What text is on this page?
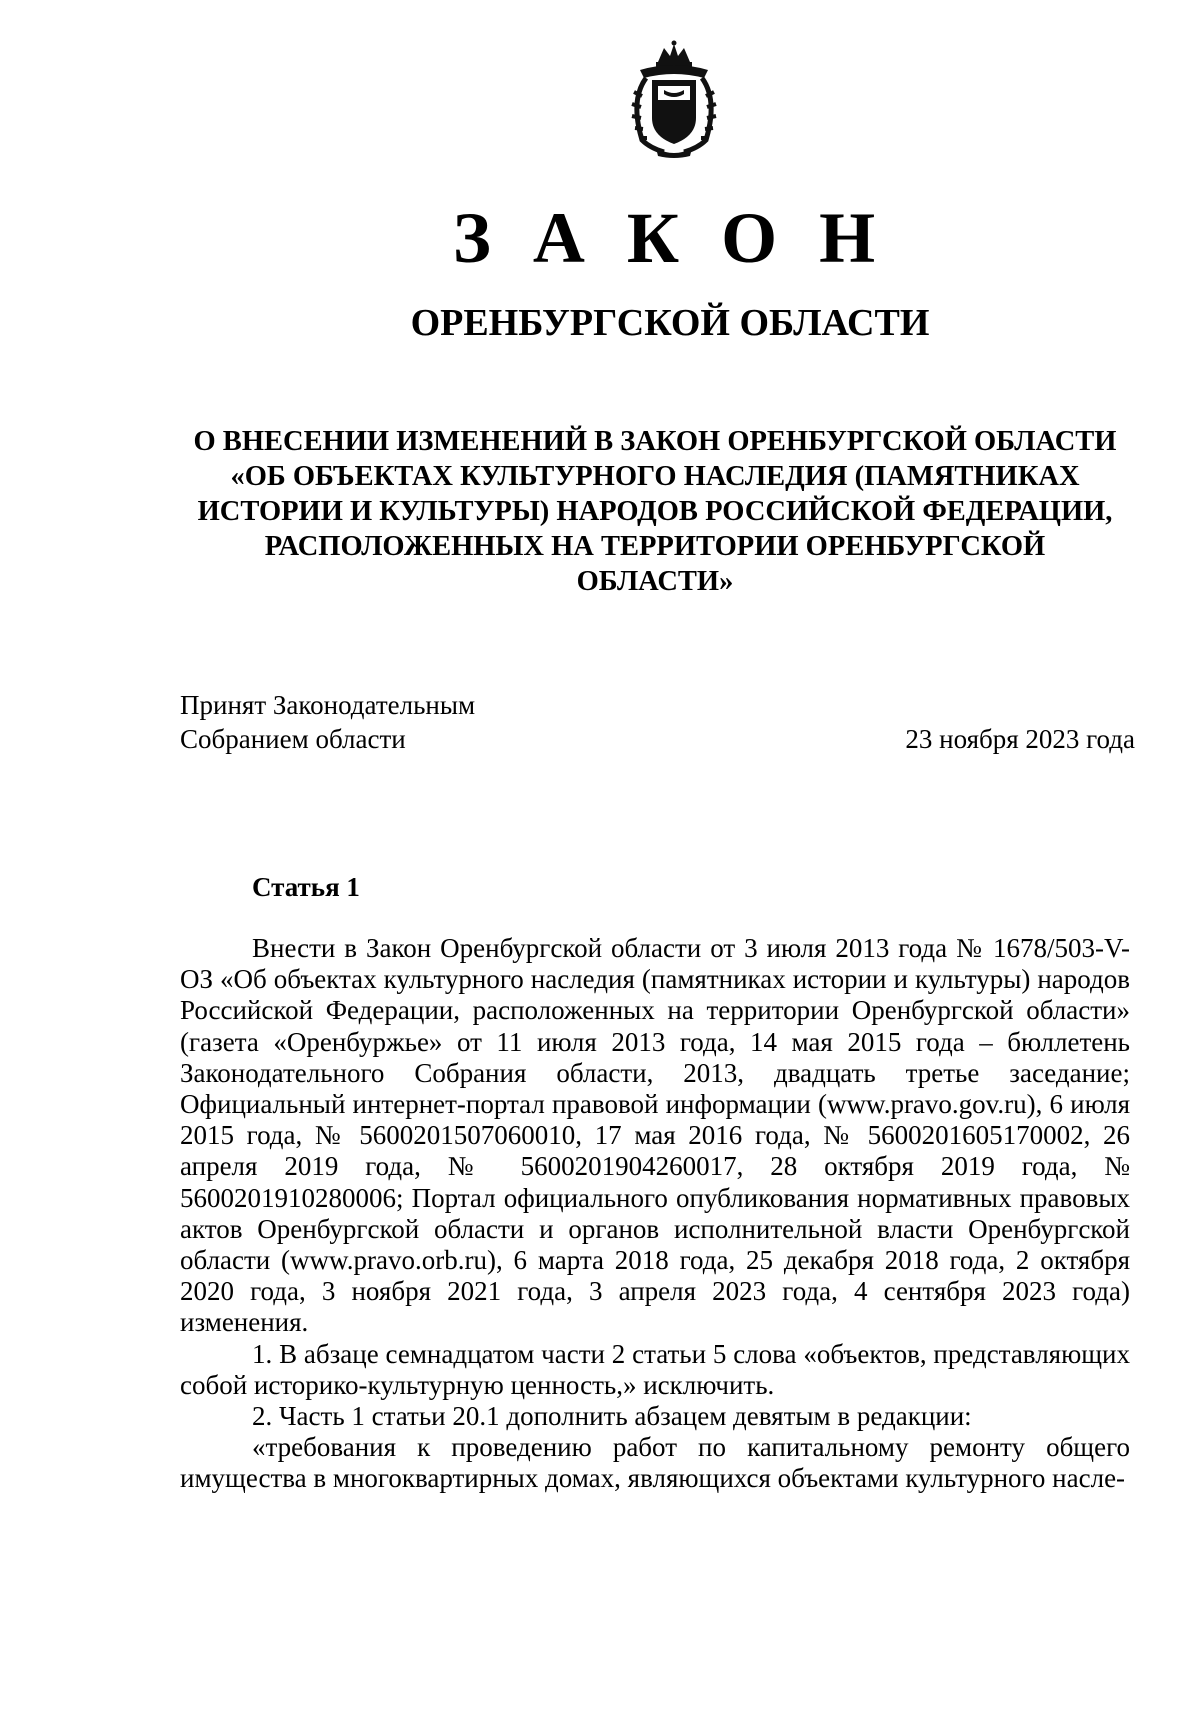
З А К О Н
ОРЕНБУРГСКОЙ ОБЛАСТИ
О ВНЕСЕНИИ ИЗМЕНЕНИЙ В ЗАКОН ОРЕНБУРГСКОЙ ОБЛАСТИ
«ОБ ОБЪЕКТАХ КУЛЬТУРНОГО НАСЛЕДИЯ (ПАМЯТНИКАХ
ИСТОРИИ И КУЛЬТУРЫ) НАРОДОВ РОССИЙСКОЙ ФЕДЕРАЦИИ,
РАСПОЛОЖЕННЫХ НА ТЕРРИТОРИИ ОРЕНБУРГСКОЙ
ОБЛАСТИ»
Принят Законодательным
Собранием области	23 ноября 2023 года
Статья 1

Внести в Закон Оренбургской области от 3 июля 2013 года № 1678/503-V-ОЗ «Об объектах культурного наследия (памятниках истории и культуры) народов Российской Федерации, расположенных на территории Оренбургской области» (газета «Оренбуржье» от 11 июля 2013 года, 14 мая 2015 года – бюллетень Законодательного Собрания области, 2013, двадцать третье заседание; Официальный интернет-портал правовой информации (www.pravo.gov.ru), 6 июля 2015 года, № 5600201507060010, 17 мая 2016 года, № 5600201605170002, 26 апреля 2019 года, № 5600201904260017, 28 октября 2019 года, № 5600201910280006; Портал официального опубликования нормативных правовых актов Оренбургской области и органов исполнительной власти Оренбургской области (www.pravo.orb.ru), 6 марта 2018 года, 25 декабря 2018 года, 2 октября 2020 года, 3 ноября 2021 года, 3 апреля 2023 года, 4 сентября 2023 года) изменения.

1. В абзаце семнадцатом части 2 статьи 5 слова «объектов, представляющих собой историко-культурную ценность,» исключить.

2. Часть 1 статьи 20.1 дополнить абзацем девятым в редакции:

«требования к проведению работ по капитальному ремонту общего имущества в многоквартирных домах, являющихся объектами культурного насле-
